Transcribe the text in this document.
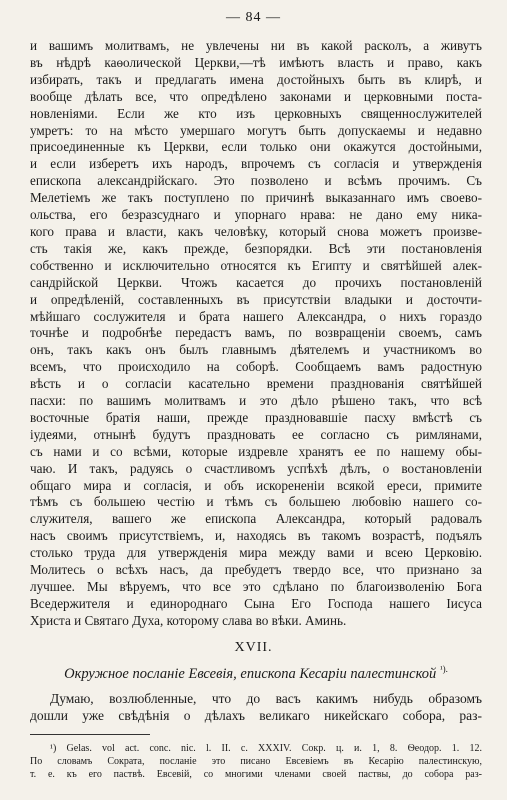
— 84 —
и вашимъ молитвамъ, не увлечены ни въ какой расколъ, а живутъ
въ нѣдрѣ каѳолической Церкви,—тѣ имѣютъ власть и право, какъ
избирать, такъ и предлагать имена достойныхъ быть въ клирѣ, и
вообще дѣлать все, что опредѣлено законами и церковными поста-
новленіями. Если же кто изъ церковныхъ священнослужителей
умретъ: то на мѣсто умершаго могутъ быть допускаемы и недавно
присоединенные къ Церкви, если только они окажутся достойными,
и если изберетъ ихъ народъ, впрочемъ съ согласія и утвержденія
епископа александрійскаго. Это позволено и всѣмъ прочимъ. Съ
Мелетіемъ же такъ поступлено по причинѣ выказаннаго имъ своево-
ольства, его безразсуднаго и упорнаго нрава: не дано ему ника-
кого права и власти, какъ человѣку, который снова можетъ произве-
сть такія же, какъ прежде, безпорядки. Всѣ эти постановленія
собственно и исключительно относятся къ Египту и святѣйшей алек-
сандрійской Церкви. Чтожъ касается до прочихъ постановленій
и опредѣленій, составленныхъ въ присутствіи владыки и досточти-
мѣйшаго сослужителя и брата нашего Александра, о нихъ гораздо
точнѣе и подробнѣе передастъ вамъ, по возвращеніи своемъ, самъ
онъ, такъ какъ онъ былъ главнымъ дѣятелемъ и участникомъ во
всемъ, что происходило на соборѣ. Сообщаемъ вамъ радостную
вѣсть и о согласіи касательно времени празднованія святѣйшей
пасхи: по вашимъ молитвамъ и это дѣло рѣшено такъ, что всѣ
восточные братія наши, прежде праздновавшіе пасху вмѣстѣ съ
іудеями, отнынѣ будутъ праздновать ее согласно съ римлянами,
съ нами и со всѣми, которые издревле хранятъ ее по нашему обы-
чаю. И такъ, радуясь о счастливомъ успѣхѣ дѣлъ, о востановленіи
общаго мира и согласія, и объ искорененіи всякой ереси, примите
тѣмъ съ большею честію и тѣмъ съ большею любовію нашего со-
служителя, вашего же епископа Александра, который радовалъ
насъ своимъ присутствіемъ, и, находясь въ такомъ возрастѣ, подъялъ
столько труда для утвержденія мира между вами и всею Церковію.
Молитесь о всѣхъ насъ, да пребудетъ твердо все, что признано за
лучшее. Мы вѣруемъ, что все это сдѣлано по благоизволенію Бога
Вседержителя и единороднаго Сына Его Господа нашего Іисуса
Христа и Святаго Духа, которому слава во вѣки. Аминь.
XVII.
Окружное посланіе Евсевія, епископа Кесаріи палестинской $^{^1).}$
Думаю, возлюбленные, что до васъ какимъ нибудь образомъ
дошли уже свѣдѣнія о дѣлахъ великаго никейскаго собора, раз-
¹) Gelas. vol act. conc. nic. l. II. c. XXXIV. Сокр. ц. и. 1, 8. Ѳеодор. 1. 12.
По словамъ Сократа, посланіе это писано Евсевіемъ въ Кесарію палестинскую,
т. е. къ его паствѣ. Евсевій, со многими членами своей паствы, до собора раз-
